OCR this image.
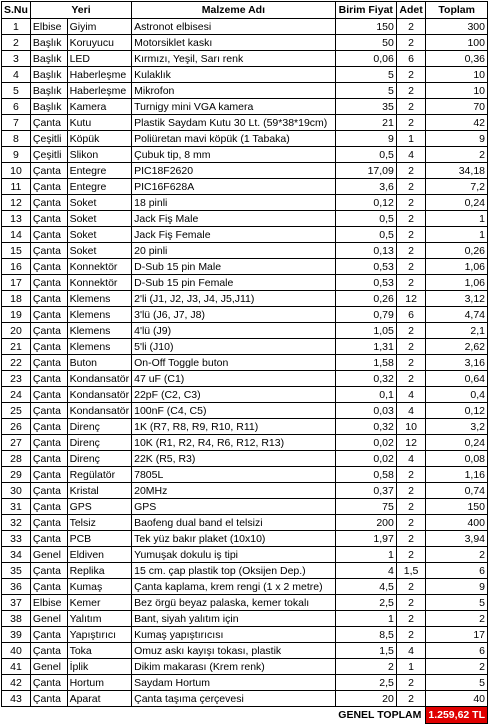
S.Nu	Yeri		Malzeme Adı	Birim Fiyat	Adet	Toplam
1	Elbise	Giyim	Astronot elbisesi	150	2	300
2	Başlık	Koruyucu	Motorsiklet kaskı	50	2	100
3	Başlık	LED	Kırmızı, Yeşil, Sarı renk	0,06	6	0,36
4	Başlık	Haberleşme	Kulaklık	5	2	10
5	Başlık	Haberleşme	Mikrofon	5	2	10
6	Başlık	Kamera	Turnigy mini VGA kamera	35	2	70
7	Çanta	Kutu	Plastik Saydam Kutu 30 Lt. (59*38*19cm)	21	2	42
8	Çeşitli	Köpük	Poliüretan mavi köpük (1 Tabaka)	9	1	9
9	Çeşitli	Slikon	Çubuk tip, 8 mm	0,5	4	2
10	Çanta	Entegre	PIC18F2620	17,09	2	34,18
11	Çanta	Entegre	PIC16F628A	3,6	2	7,2
12	Çanta	Soket	18 pinli	0,12	2	0,24
13	Çanta	Soket	Jack Fiş Male	0,5	2	1
14	Çanta	Soket	Jack Fiş Female	0,5	2	1
15	Çanta	Soket	20 pinli	0,13	2	0,26
16	Çanta	Konnektör	D-Sub 15 pin Male	0,53	2	1,06
17	Çanta	Konnektör	D-Sub 15 pin Female	0,53	2	1,06
18	Çanta	Klemens	2'li (J1, J2, J3, J4, J5,J11)	0,26	12	3,12
19	Çanta	Klemens	3'lü (J6, J7, J8)	0,79	6	4,74
20	Çanta	Klemens	4'lü (J9)	1,05	2	2,1
21	Çanta	Klemens	5'li (J10)	1,31	2	2,62
22	Çanta	Buton	On-Off Toggle buton	1,58	2	3,16
23	Çanta	Kondansatör	47 uF (C1)	0,32	2	0,64
24	Çanta	Kondansatör	22pF (C2, C3)	0,1	4	0,4
25	Çanta	Kondansatör	100nF (C4, C5)	0,03	4	0,12
26	Çanta	Direnç	1K (R7, R8, R9, R10, R11)	0,32	10	3,2
27	Çanta	Direnç	10K (R1, R2, R4, R6, R12, R13)	0,02	12	0,24
28	Çanta	Direnç	22K (R5, R3)	0,02	4	0,08
29	Çanta	Regülatör	7805L	0,58	2	1,16
30	Çanta	Kristal	20MHz	0,37	2	0,74
31	Çanta	GPS	GPS	75	2	150
32	Çanta	Telsiz	Baofeng dual band el telsizi	200	2	400
33	Çanta	PCB	Tek yüz bakır plaket (10x10)	1,97	2	3,94
34	Genel	Eldiven	Yumuşak dokulu iş tipi	1	2	2
35	Çanta	Replika	15 cm. çap plastik top (Oksijen Dep.)	4	1,5	6
36	Çanta	Kumaş	Çanta kaplama, krem rengi (1 x 2 metre)	4,5	2	9
37	Elbise	Kemer	Bez örgü beyaz palaska, kemer tokalı	2,5	2	5
38	Genel	Yalıtım	Bant, siyah yalıtım için	1	2	2
39	Çanta	Yapıştırıcı	Kumaş yapıştırıcısı	8,5	2	17
40	Çanta	Toka	Omuz askı kayışı tokası, plastik	1,5	4	6
41	Genel	İplik	Dikim makarası (Krem renk)	2	1	2
42	Çanta	Hortum	Saydam Hortum	2,5	2	5
43	Çanta	Aparat	Çanta taşıma çerçevesi	20	2	40
GENEL TOPLAM						1.259,62 TL
